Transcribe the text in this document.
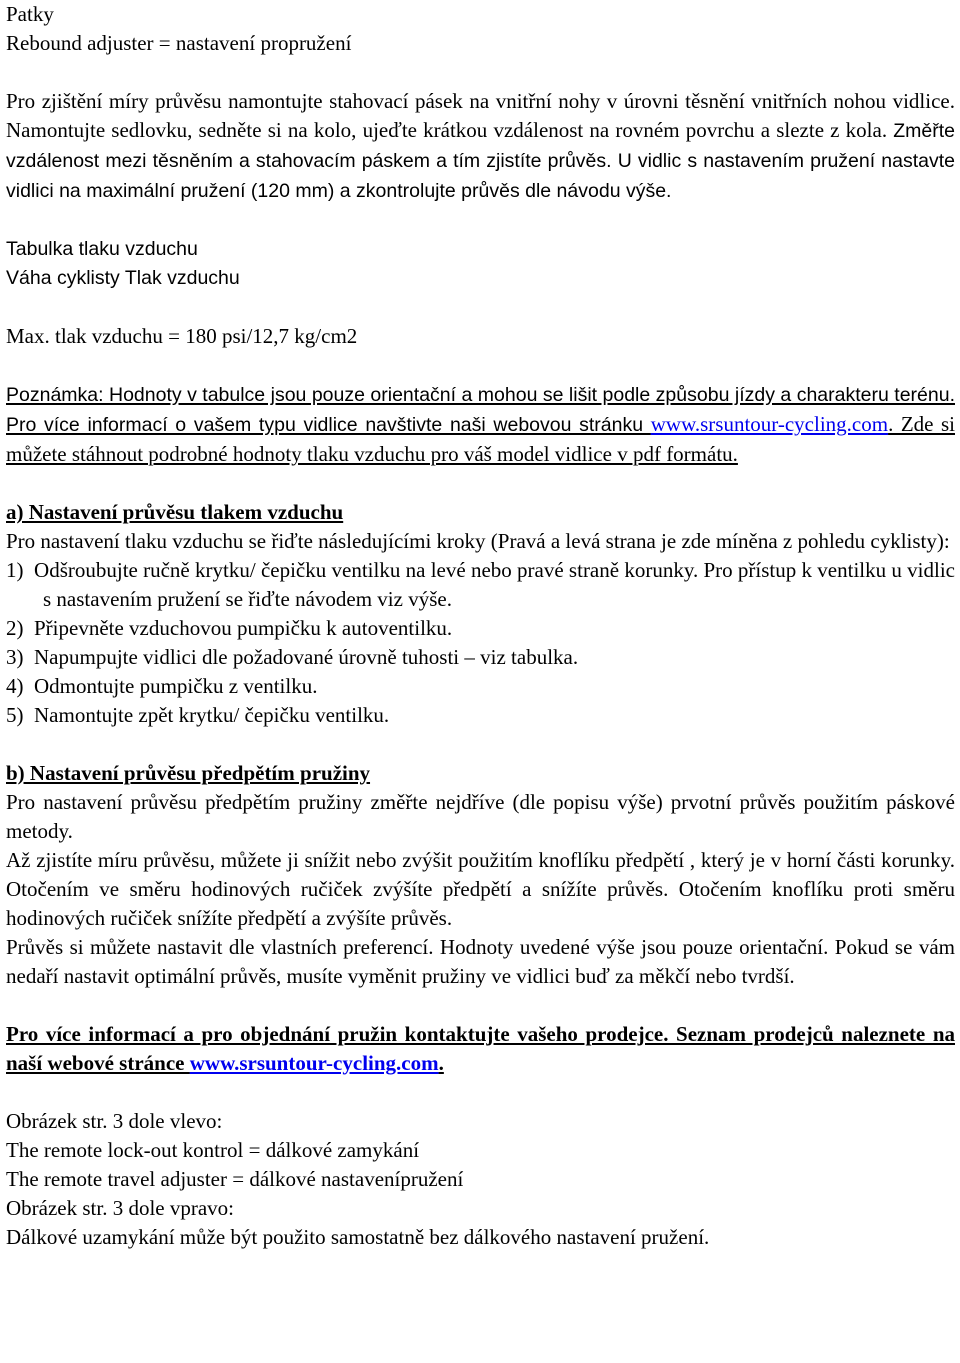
Patky
Rebound adjuster = nastavení propružení

Pro zjištění míry průvěsu namontujte stahovací pásek na vnitřní nohy v úrovni těsnění vnitřních nohou vidlice. Namontujte sedlovku, sedněte si na kolo, ujeďte krátkou vzdálenost na rovném povrchu a slezte z kola. Změřte vzdálenost mezi těsněním a stahovacím páskem a tím zjistíte průvěs. U vidlic s nastavením pružení nastavte vidlici na maximální pružení (120 mm) a zkontrolujte průvěs dle návodu výše.

Tabulka tlaku vzduchu
Váha cyklisty Tlak vzduchu
Max. tlak vzduchu = 180 psi/12,7 kg/cm2

Poznámka: Hodnoty v tabulce jsou pouze orientační a mohou se lišit podle způsobu jízdy a charakteru terénu. Pro více informací o vašem typu vidlice navštivte naši webovou stránku www.srsuntour-cycling.com. Zde si můžete stáhnout podrobné hodnoty tlaku vzduchu pro váš model vidlice v pdf formátu.

a) Nastavení průvěsu tlakem vzduchu

Pro nastavení tlaku vzduchu se řiďte následujícími kroky (Pravá a levá strana je zde míněna z pohledu cyklisty):

1)  Odšroubujte ručně krytku/ čepičku ventilku na levé nebo pravé straně korunky. Pro přístup k ventilku u vidlic s nastavením pružení se řiďte návodem viz výše.
2)  Připevněte vzduchovou pumpičku k autoventilku.
3)  Napumpujte vidlici dle požadované úrovně tuhosti – viz tabulka.
4)  Odmontujte pumpičku z ventilku.
5)  Namontujte zpět krytku/ čepičku ventilku.
b) Nastavení průvěsu předpětím pružiny

Pro nastavení průvěsu předpětím pružiny změřte nejdříve (dle popisu výše) prvotní průvěs použitím páskové metody.

Až zjistíte míru průvěsu, můžete ji snížit nebo zvýšit použitím knoflíku předpětí , který je v horní části korunky. Otočením ve směru hodinových ručiček zvýšíte předpětí a snížíte průvěs. Otočením knoflíku proti směru hodinových ručiček snížíte předpětí a zvýšíte průvěs.

Průvěs si můžete nastavit dle vlastních preferencí. Hodnoty uvedené výše jsou pouze orientační. Pokud se vám nedaří nastavit optimální průvěs, musíte vyměnit pružiny ve vidlici buď za měkčí nebo tvrdší.

Pro více informací a pro objednání pružin kontaktujte vašeho prodejce. Seznam prodejců naleznete na naší webové stránce www.srsuntour-cycling.com.

Obrázek str. 3 dole vlevo:
The remote lock-out kontrol = dálkové zamykání
The remote travel adjuster = dálkové nastavenípružení
Obrázek str. 3 dole vpravo:
Dálkové uzamykání může být použito samostatně bez dálkového nastavení pružení.
